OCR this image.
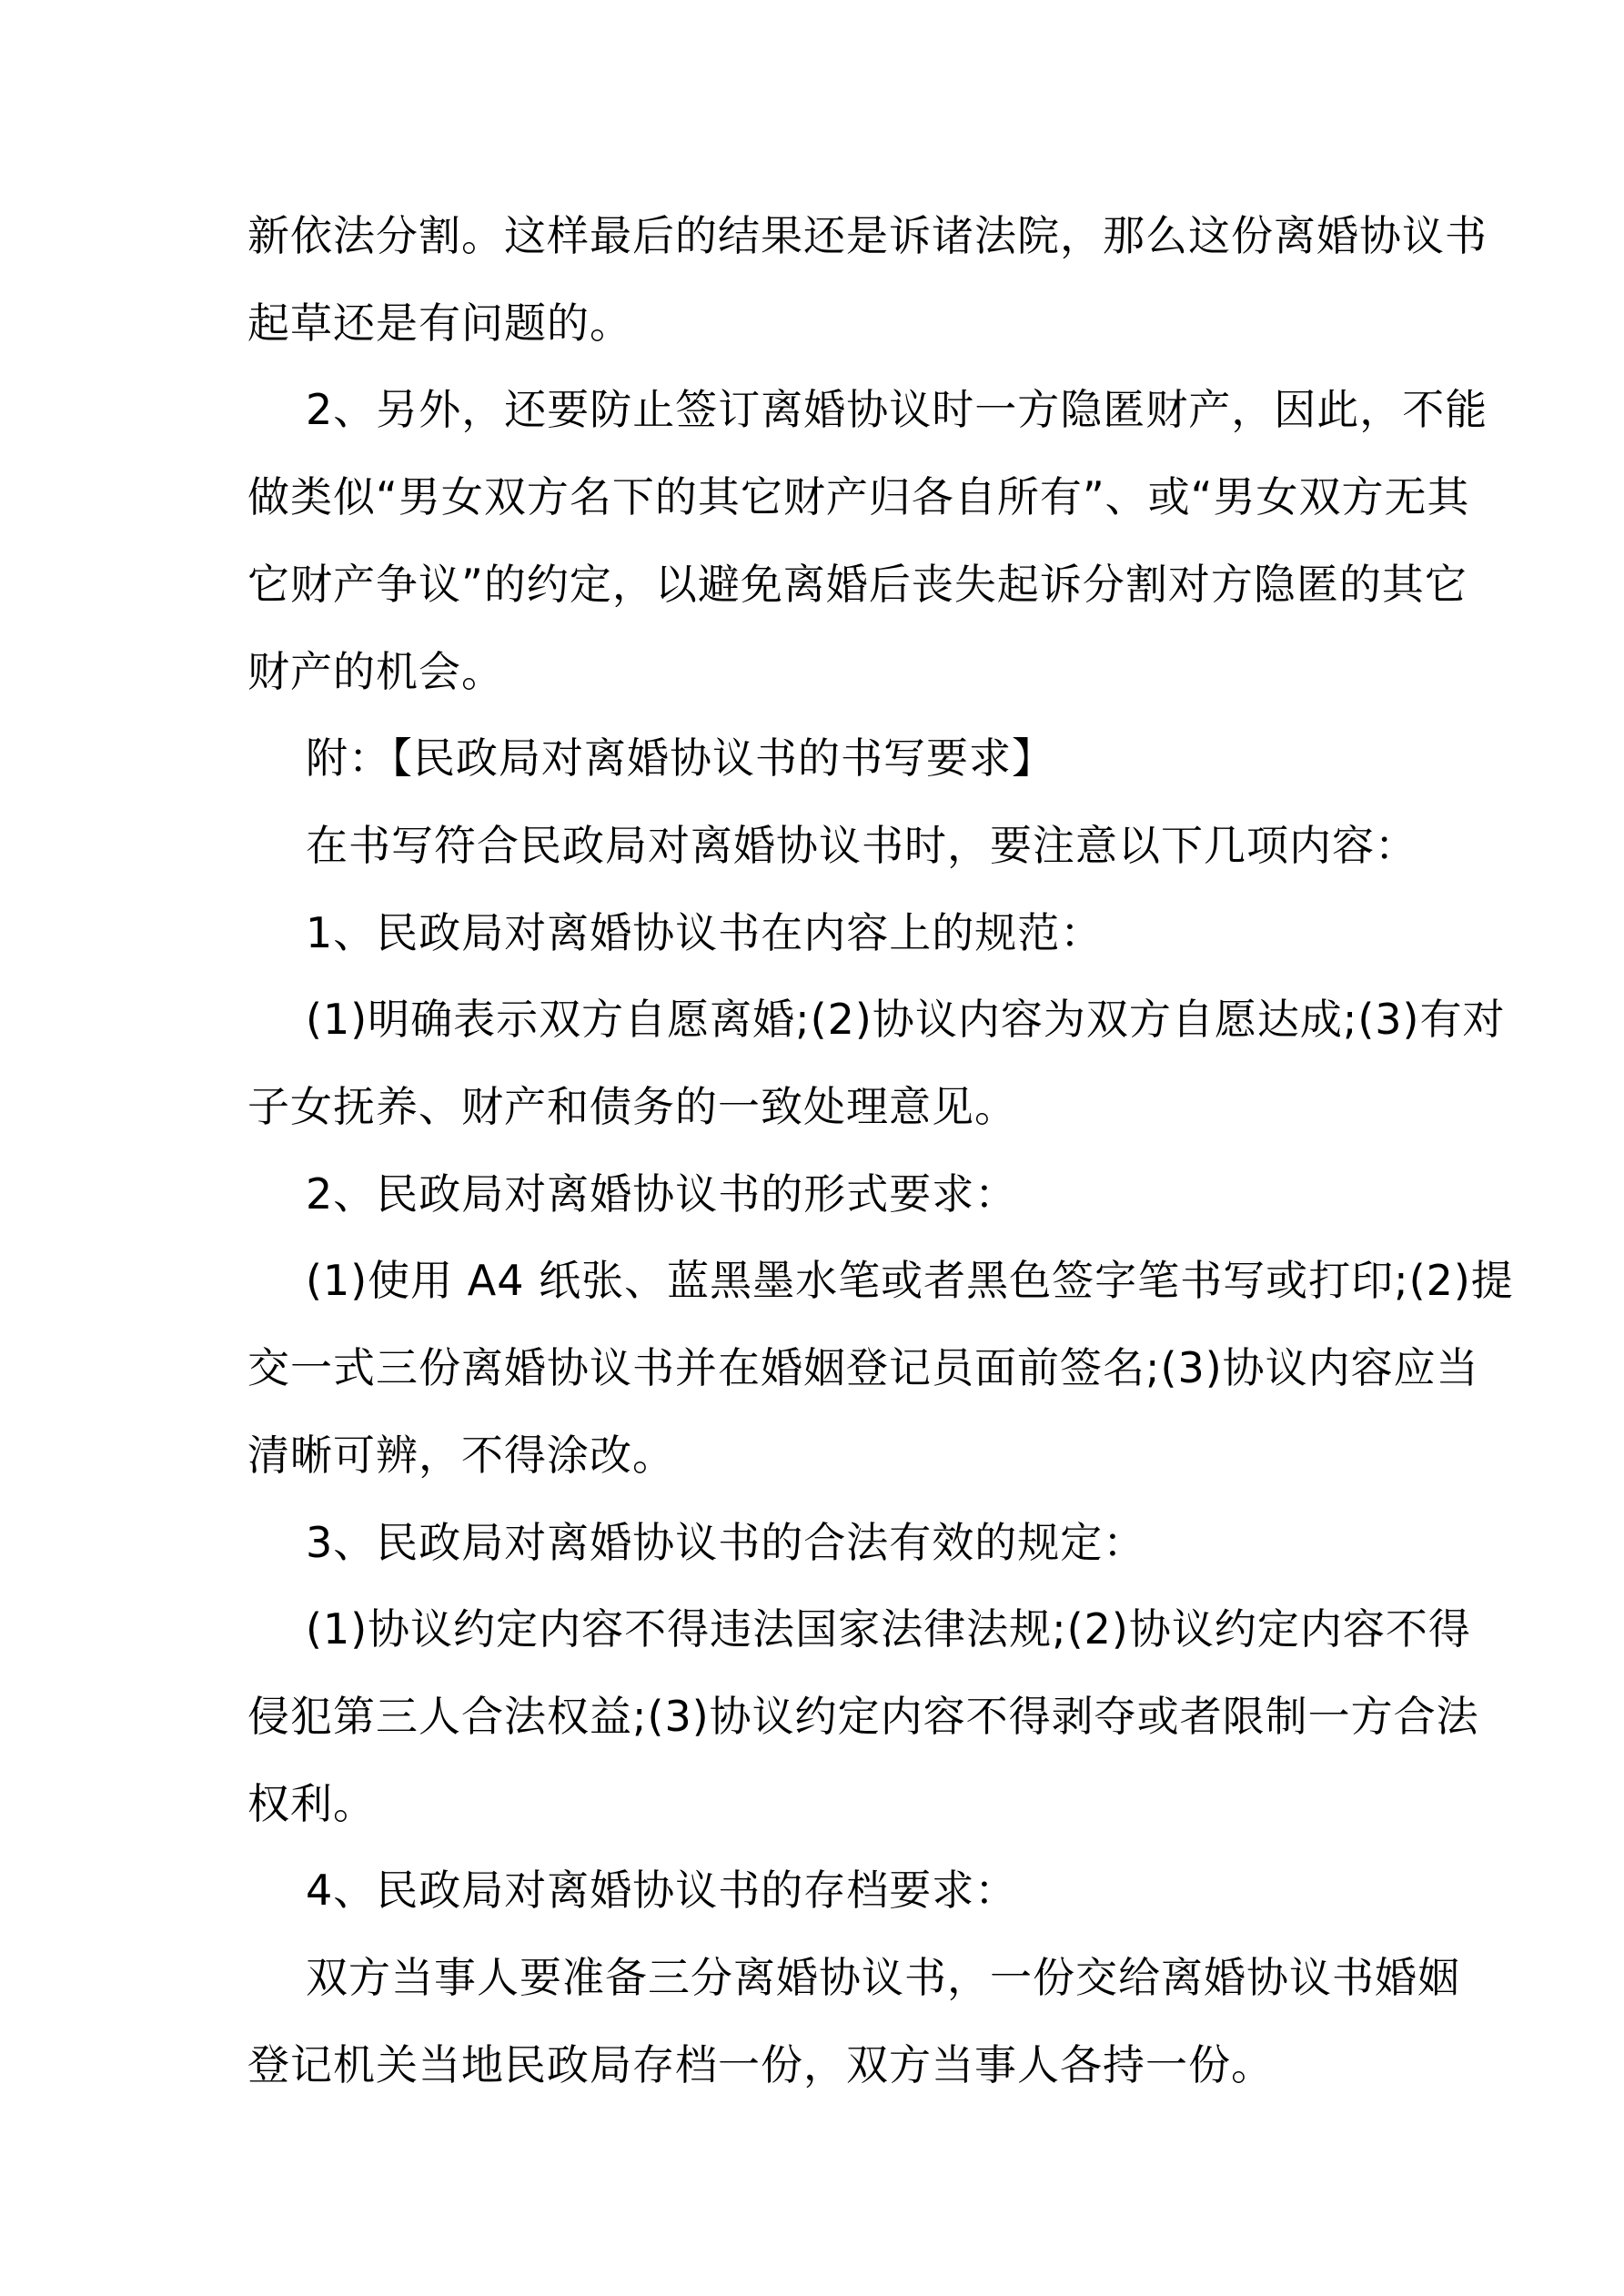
新依法分割。这样最后的结果还是诉诸法院，那么这份离婚协议书
起草还是有问题的。
2、另外，还要防止签订离婚协议时一方隐匿财产，因此，不能
做类似“男女双方名下的其它财产归各自所有”、或“男女双方无其
它财产争议”的约定，以避免离婚后丧失起诉分割对方隐匿的其它
财产的机会。
附：【民政局对离婚协议书的书写要求】
在书写符合民政局对离婚协议书时，要注意以下几项内容：
1、民政局对离婚协议书在内容上的规范：
(1)明确表示双方自愿离婚;(2)协议内容为双方自愿达成;(3)有对
子女抚养、财产和债务的一致处理意见。
2、民政局对离婚协议书的形式要求：
(1)使用 A4 纸张、蓝黑墨水笔或者黑色签字笔书写或打印;(2)提
交一式三份离婚协议书并在婚姻登记员面前签名;(3)协议内容应当
清晰可辨，不得涂改。
3、民政局对离婚协议书的合法有效的规定：
(1)协议约定内容不得违法国家法律法规;(2)协议约定内容不得
侵犯第三人合法权益;(3)协议约定内容不得剥夺或者限制一方合法
权利。
4、民政局对离婚协议书的存档要求：
双方当事人要准备三分离婚协议书，一份交给离婚协议书婚姻
登记机关当地民政局存档一份，双方当事人各持一份。
